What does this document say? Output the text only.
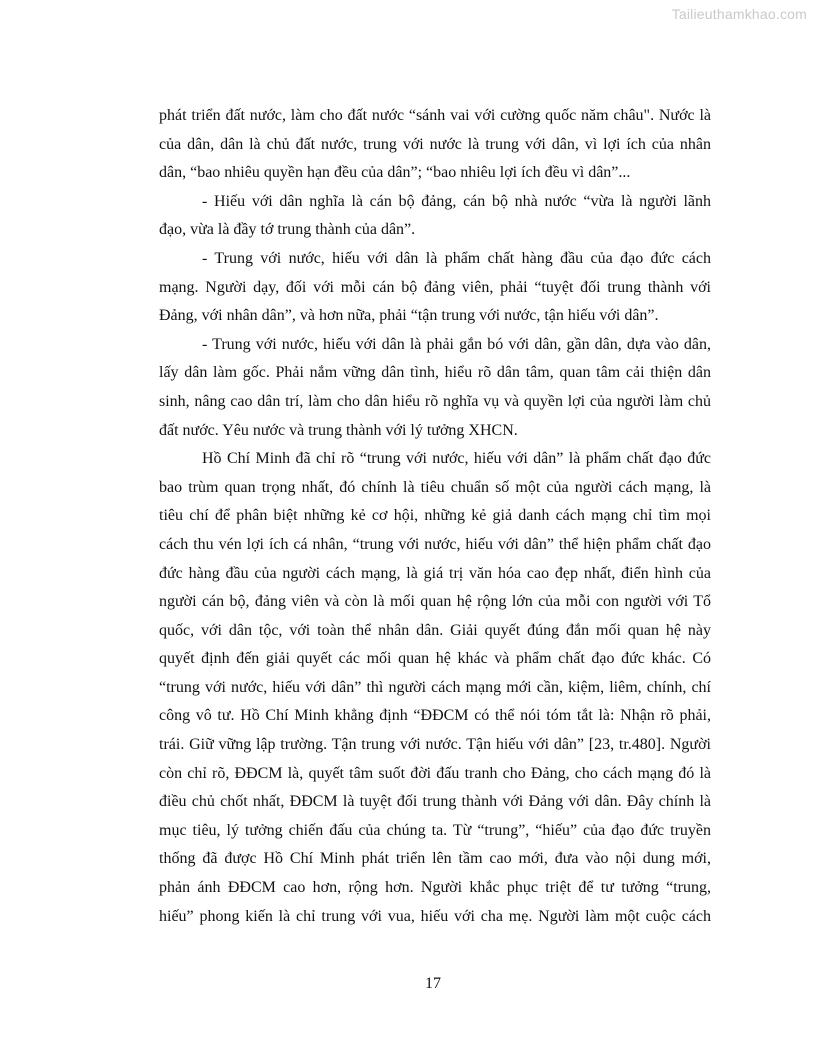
Tailieuthamkhao.com
phát triển đất nước, làm cho đất nước “sánh vai với cường quốc năm châu". Nước là
của dân, dân là chủ đất nước, trung với nước là trung với dân, vì lợi ích của nhân
dân, “bao nhiêu quyền hạn đều của dân”; “bao nhiêu lợi ích đều vì dân”...
- Hiếu với dân nghĩa là cán bộ đảng, cán bộ nhà nước “vừa là người lãnh
đạo, vừa là đầy tớ trung thành của dân”.
- Trung với nước, hiếu với dân là phẩm chất hàng đầu của đạo đức cách
mạng. Người dạy, đối với mỗi cán bộ đảng viên, phải “tuyệt đối trung thành với
Đảng, với nhân dân”, và hơn nữa, phải “tận trung với nước, tận hiếu với dân”.
- Trung với nước, hiếu với dân là phải gắn bó với dân, gần dân, dựa vào dân,
lấy dân làm gốc. Phải nắm vững dân tình, hiểu rõ dân tâm, quan tâm cải thiện dân
sinh, nâng cao dân trí, làm cho dân hiểu rõ nghĩa vụ và quyền lợi của người làm chủ
đất nước. Yêu nước và trung thành với lý tưởng XHCN.
Hồ Chí Minh đã chỉ rõ “trung với nước, hiếu với dân” là phẩm chất đạo đức
bao trùm quan trọng nhất, đó chính là tiêu chuẩn số một của người cách mạng, là
tiêu chí để phân biệt những kẻ cơ hội, những kẻ giả danh cách mạng chỉ tìm mọi
cách thu vén lợi ích cá nhân, “trung với nước, hiếu với dân” thể hiện phẩm chất đạo
đức hàng đầu của người cách mạng, là giá trị văn hóa cao đẹp nhất, điển hình của
người cán bộ, đảng viên và còn là mối quan hệ rộng lớn của mỗi con người với Tổ
quốc, với dân tộc, với toàn thể nhân dân. Giải quyết đúng đắn mối quan hệ này
quyết định đến giải quyết các mối quan hệ khác và phẩm chất đạo đức khác. Có
“trung với nước, hiếu với dân” thì người cách mạng mới cần, kiệm, liêm, chính, chí
công vô tư. Hồ Chí Minh khẳng định “ĐĐCM có thể nói tóm tắt là: Nhận rõ phải,
trái. Giữ vững lập trường. Tận trung với nước. Tận hiếu với dân” [23, tr.480]. Người
còn chỉ rõ, ĐĐCM là, quyết tâm suốt đời đấu tranh cho Đảng, cho cách mạng đó là
điều chủ chốt nhất, ĐĐCM là tuyệt đối trung thành với Đảng với dân. Đây chính là
mục tiêu, lý tưởng chiến đấu của chúng ta. Từ “trung”, “hiếu” của đạo đức truyền
thống đã được Hồ Chí Minh phát triển lên tầm cao mới, đưa vào nội dung mới,
phản ánh ĐĐCM cao hơn, rộng hơn. Người khắc phục triệt để tư tưởng “trung,
hiếu” phong kiến là chỉ trung với vua, hiếu với cha mẹ. Người làm một cuộc cách
17
